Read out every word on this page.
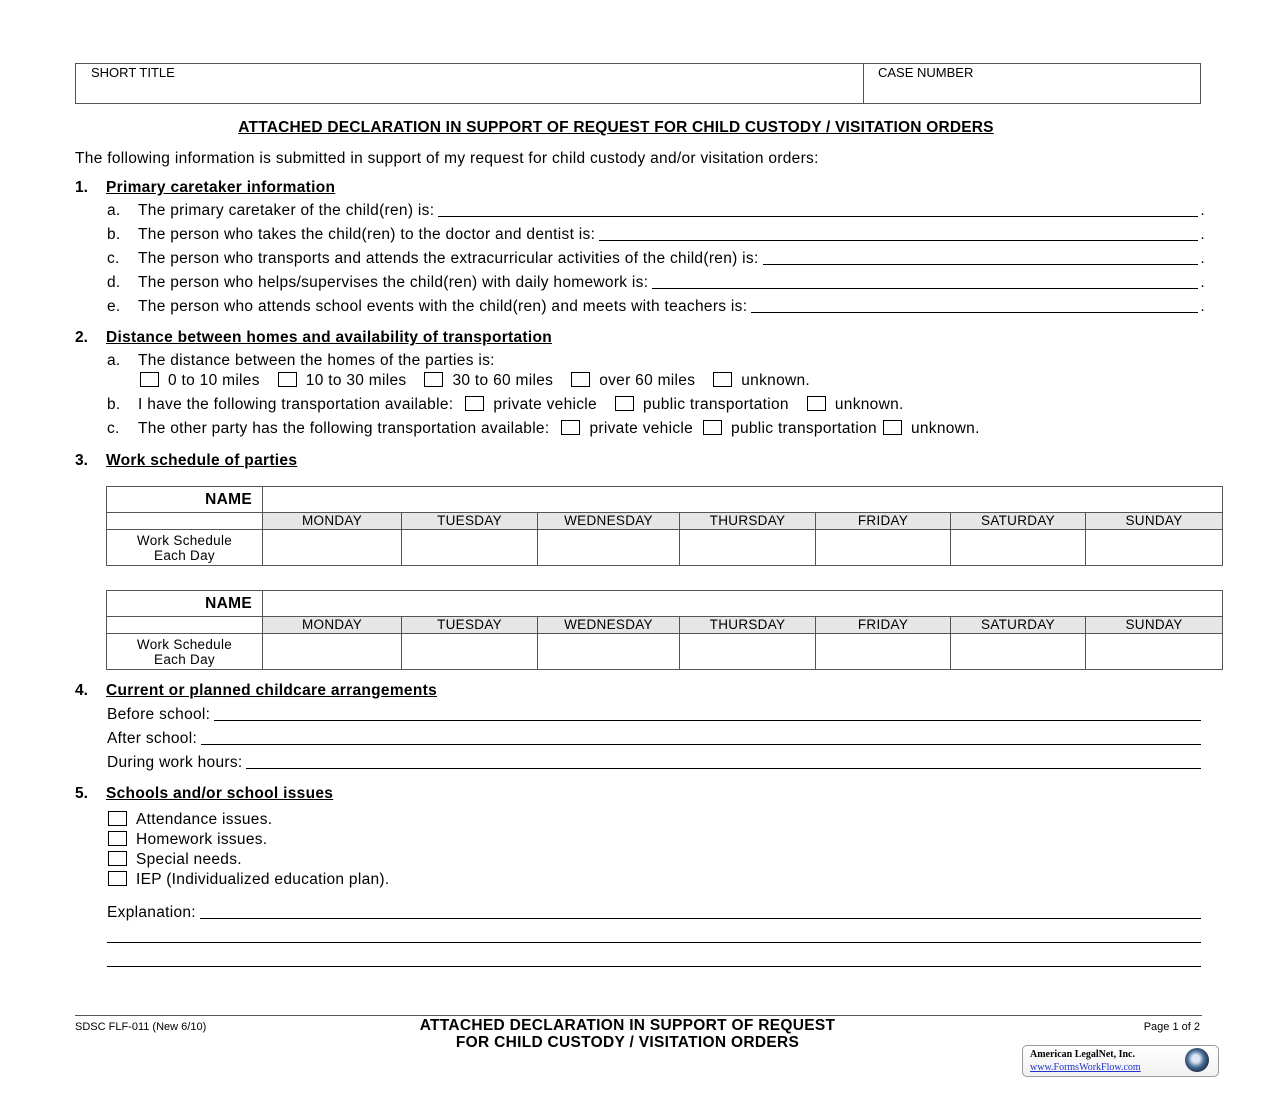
SHORT TITLE	CASE NUMBER
ATTACHED DECLARATION IN SUPPORT OF REQUEST FOR CHILD CUSTODY / VISITATION ORDERS
The following information is submitted in support of my request for child custody and/or visitation orders:
1.	Primary caretaker information
a.	The primary caretaker of the child(ren) is:	.
b.	The person who takes the child(ren) to the doctor and dentist is:	.
c.	The person who transports and attends the extracurricular activities of the child(ren) is:	.
d.	The person who helps/supervises the child(ren) with daily homework is:	.
e.	The person who attends school events with the child(ren) and meets with teachers is:	.
2.	Distance between homes and availability of transportation
a. The distance between the homes of the parties is:
0 to 10 miles	10 to 30 miles	30 to 60 miles	over 60 miles	unknown.
b. I have the following transportation available:	private vehicle	public transportation	unknown.
c. The other party has the following transportation available:	private vehicle public transportation unknown.
3.	Work schedule of parties
NAME							
	MONDAY	TUESDAY	WEDNESDAY	THURSDAY	FRIDAY	SATURDAY	SUNDAY
Work Schedule
Each Day							
NAME							
	MONDAY	TUESDAY	WEDNESDAY	THURSDAY	FRIDAY	SATURDAY	SUNDAY
Work Schedule
Each Day							
4.	Current or planned childcare arrangements
Before school:
After school:
During work hours:
5.	Schools and/or school issues
Attendance issues.
Homework issues.
Special needs.
IEP (Individualized education plan).
Explanation:
SDSC FLF-011 (New 6/10)	ATTACHED DECLARATION IN SUPPORT OF REQUEST
FOR CHILD CUSTODY / VISITATION ORDERS
Page 1 of 2
American LegalNet, Inc.
www.FormsWorkFlow.com
